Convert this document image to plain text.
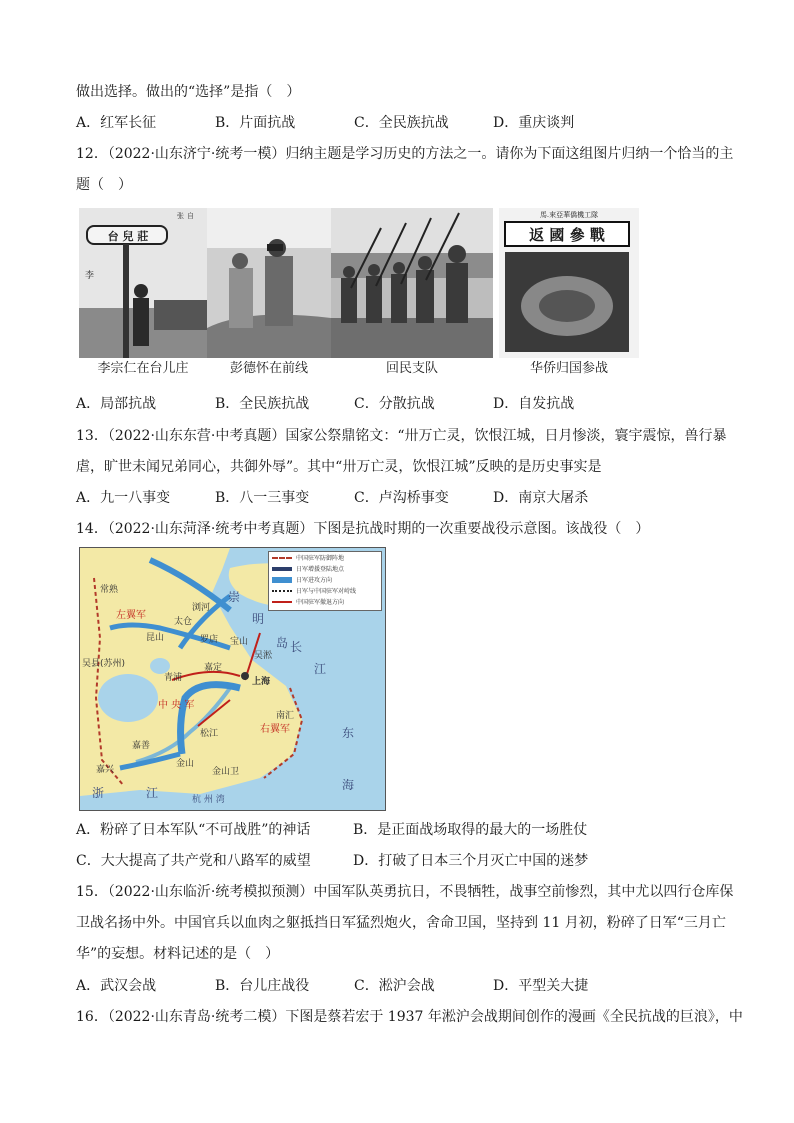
做出选择。做出的“选择”是指（　）
A．红军长征	B．片面抗战	C．全民族抗战	D．重庆谈判
12．（2022·山东济宁·统考一模）归纳主题是学习历史的方法之一。请你为下面这组图片归纳一个恰当的主
题（　）
李
张 自
台 兒 莊
馬.來亞華僑機工隊
返 國 參 戰
李宗仁在台儿庄	彭德怀在前线	回民支队	华侨归国参战
A．局部抗战	B．全民族抗战	C．分散抗战	D．自发抗战
13．（2022·山东东营·中考真题）国家公祭鼎铭文：“卅万亡灵，饮恨江城，日月惨淡，寰宇震惊，兽行暴
虐，旷世未闻兄弟同心，共御外辱”。其中“卅万亡灵，饮恨江城”反映的是历史事实是
A．九一八事变	B．八一三事变	C．卢沟桥事变	D．南京大屠杀
14．（2022·山东菏泽·统考中考真题）下图是抗战时期的一次重要战役示意图。该战役（　）
中国驻军防御阵地
日军增援登陆地点
日军进攻方向
日军与中国驻军对峙线
中国驻军撤退方向
崇
明
岛 长
江
东
海
浙	江	杭 州 湾
上海
左翼军
右翼军
中 央 军
常熟
昆山
吴县(苏州)
嘉兴
金山
金山卫
青浦
松江
太仓
罗店 宝山
吴淞
浏河
嘉定
嘉善
南汇
A．粉碎了日本军队“不可战胜”的神话	B．是正面战场取得的最大的一场胜仗
C．大大提高了共产党和八路军的威望	D．打破了日本三个月灭亡中国的迷梦
15．（2022·山东临沂·统考模拟预测）中国军队英勇抗日，不畏牺牲，战事空前惨烈，其中尤以四行仓库保
卫战名扬中外。中国官兵以血肉之躯抵挡日军猛烈炮火，舍命卫国，坚持到 11 月初，粉碎了日军“三月亡
华”的妄想。材料记述的是（　）
A．武汉会战	B．台儿庄战役	C．淞沪会战	D．平型关大捷
16．（2022·山东青岛·统考二模）下图是蔡若宏于 1937 年淞沪会战期间创作的漫画《全民抗战的巨浪》，中
